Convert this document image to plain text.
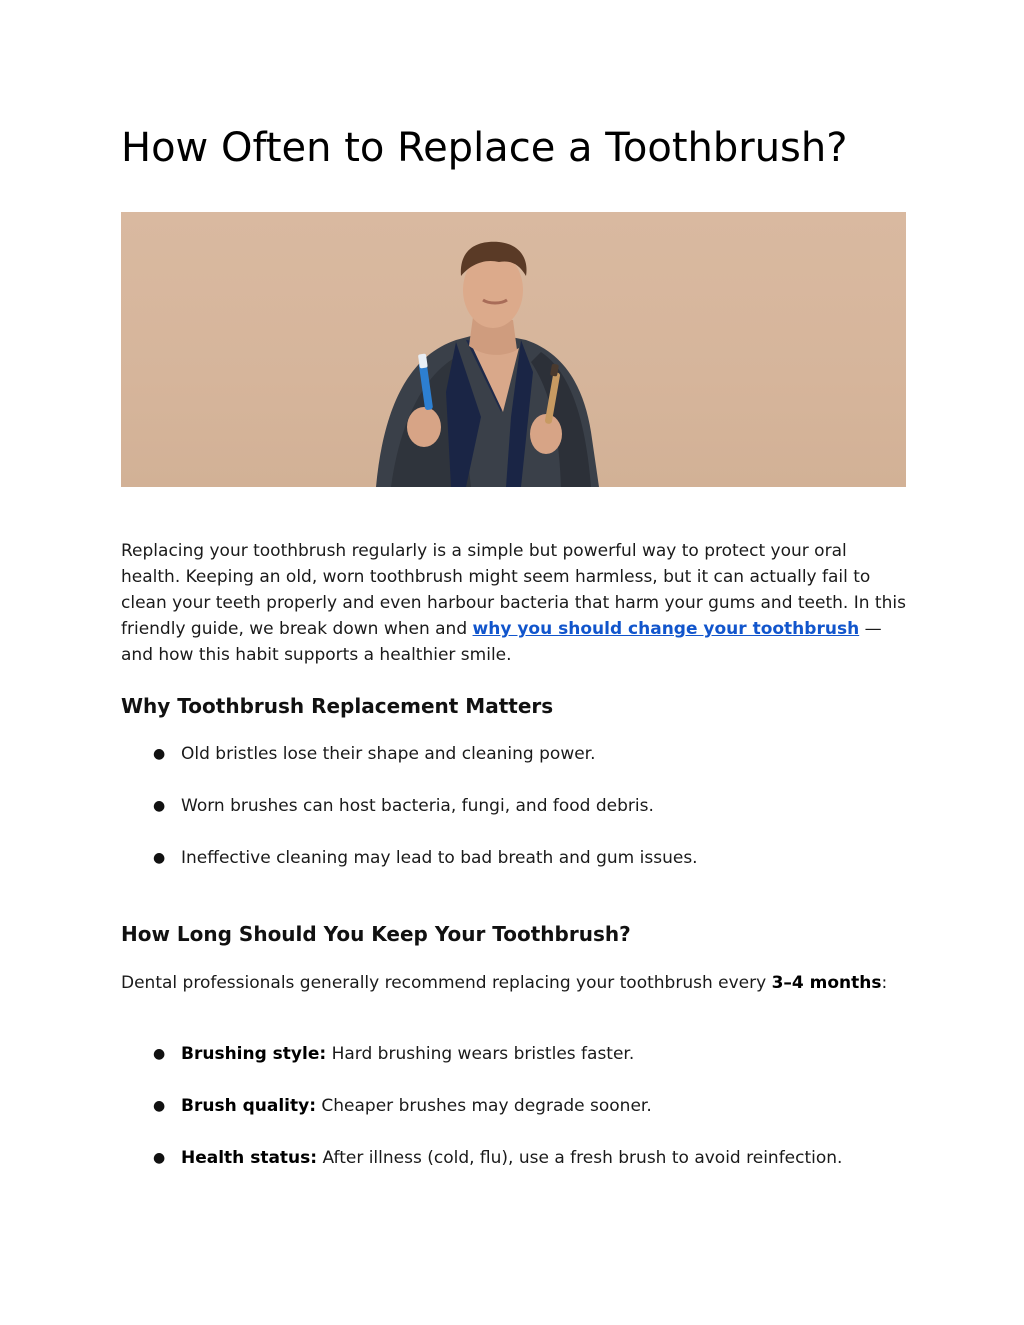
How Often to Replace a Toothbrush?

Replacing your toothbrush regularly is a simple but powerful way to protect your oral health. Keeping an old, worn toothbrush might seem harmless, but it can actually fail to clean your teeth properly and even harbour bacteria that harm your gums and teeth. In this friendly guide, we break down when and why you should change your toothbrush — and how this habit supports a healthier smile.

Why Toothbrush Replacement Matters
● Old bristles lose their shape and cleaning power.
● Worn brushes can host bacteria, fungi, and food debris.
● Ineffective cleaning may lead to bad breath and gum issues.
How Long Should You Keep Your Toothbrush?

Dental professionals generally recommend replacing your toothbrush every 3–4 months:

● Brushing style: Hard brushing wears bristles faster.
● Brush quality: Cheaper brushes may degrade sooner.
● Health status: After illness (cold, flu), use a fresh brush to avoid reinfection.
